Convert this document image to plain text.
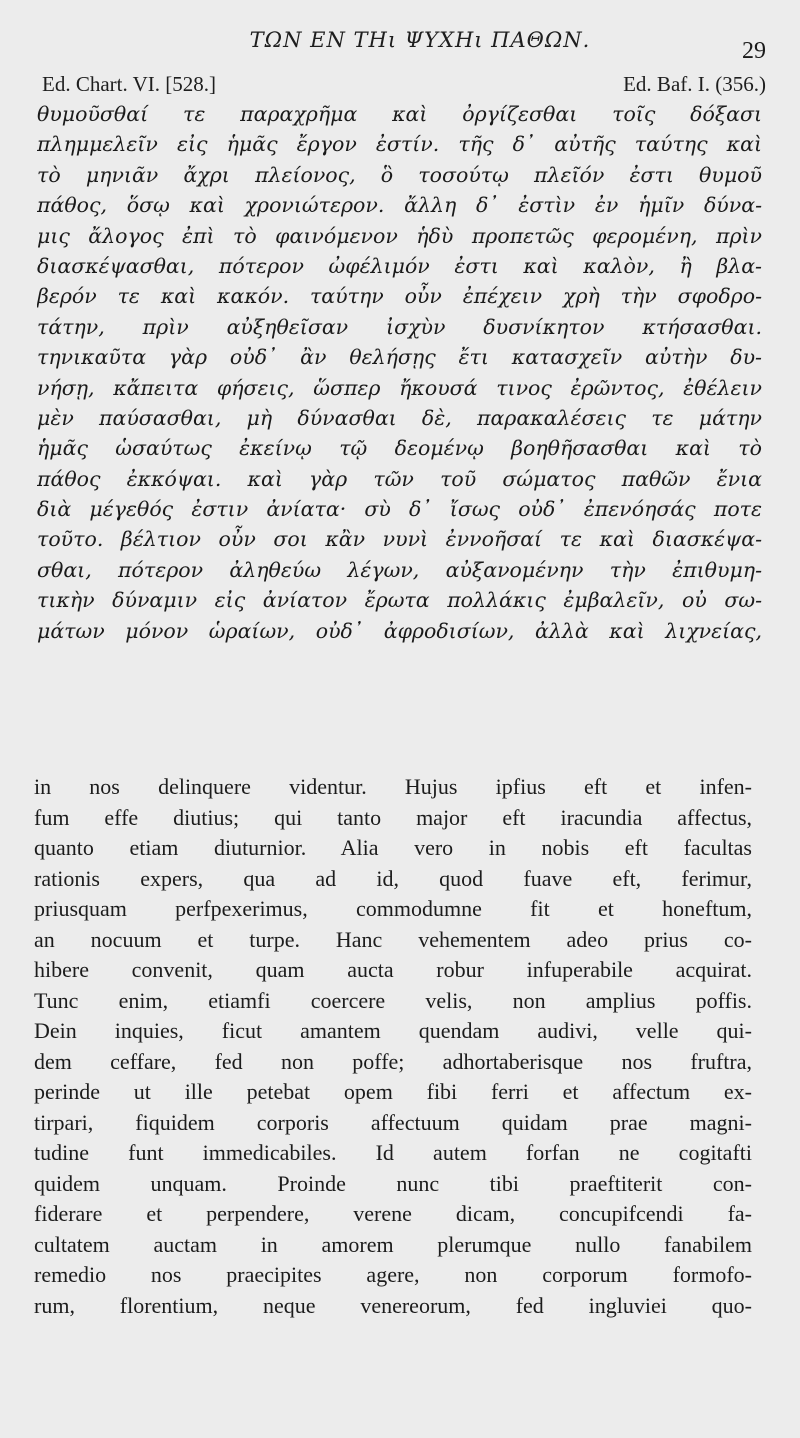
ΤΩΝ ΕΝ ΤΗι ΨΥΧΗι ΠΑΘΩΝ.	29
Ed. Chart. VI. [528.]	Ed. Baf. I. (356.)
θυμοῦσθαί τε παραχρῆμα καὶ ὀργίζεσθαι τοῖς δόξασι
πλημμελεῖν εἰς ἡμᾶς ἔργον ἐστίν. τῆς δ᾽ αὐτῆς ταύτης καὶ
τὸ μηνιᾶν ἄχρι πλείονος, ὃ τοσούτῳ πλεῖόν ἐστι θυμοῦ
πάθος, ὅσῳ καὶ χρονιώτερον. ἄλλη δ᾽ ἐστὶν ἐν ἡμῖν δύνα-
μις ἄλογος ἐπὶ τὸ φαινόμενον ἡδὺ προπετῶς φερομένη, πρὶν
διασκέψασθαι, πότερον ὠφέλιμόν ἐστι καὶ καλὸν, ἢ βλα-
βερόν τε καὶ κακόν. ταύτην οὖν ἐπέχειν χρὴ τὴν σφοδρο-
τάτην, πρὶν αὐξηθεῖσαν ἰσχὺν δυσνίκητον κτήσασθαι.
τηνικαῦτα γὰρ οὐδ᾽ ἂν θελήσῃς ἔτι κατασχεῖν αὐτὴν δυ-
νήσῃ, κἄπειτα φήσεις, ὥσπερ ἤκουσά τινος ἐρῶντος, ἐθέλειν
μὲν παύσασθαι, μὴ δύνασθαι δὲ, παρακαλέσεις τε μάτην
ἡμᾶς ὡσαύτως ἐκείνῳ τῷ δεομένῳ βοηθῆσασθαι καὶ τὸ
πάθος ἐκκόψαι. καὶ γὰρ τῶν τοῦ σώματος παθῶν ἔνια
διὰ μέγεθός ἐστιν ἀνίατα· σὺ δ᾽ ἴσως οὐδ᾽ ἐπενόησάς ποτε
τοῦτο. βέλτιον οὖν σοι κἂν νυνὶ ἐννοῆσαί τε καὶ διασκέψα-
σθαι, πότερον ἀληθεύω λέγων, αὐξανομένην τὴν ἐπιθυμη-
τικὴν δύναμιν εἰς ἀνίατον ἔρωτα πολλάκις ἐμβαλεῖν, οὐ σω-
μάτων μόνον ὡραίων, οὐδ᾽ ἀφροδισίων, ἀλλὰ καὶ λιχνείας,
in nos delinquere videntur. Hujus ipfius eft et infen-
fum effe diutius; qui tanto major eft iracundia affectus,
quanto etiam diuturnior. Alia vero in nobis eft facultas
rationis expers, qua ad id, quod fuave eft, ferimur,
priusquam perfpexerimus, commodumne fit et honeftum,
an nocuum et turpe. Hanc vehementem adeo prius co-
hibere convenit, quam aucta robur infuperabile acquirat.
Tunc enim, etiamfi coercere velis, non amplius poffis.
Dein inquies, ficut amantem quendam audivi, velle qui-
dem ceffare, fed non poffe; adhortaberisque nos fruftra,
perinde ut ille petebat opem fibi ferri et affectum ex-
tirpari, fiquidem corporis affectuum quidam prae magni-
tudine funt immedicabiles. Id autem forfan ne cogitafti
quidem unquam. Proinde nunc tibi praeftiterit con-
fiderare et perpendere, verene dicam, concupifcendi fa-
cultatem auctam in amorem plerumque nullo fanabilem
remedio nos praecipites agere, non corporum formofo-
rum, florentium, neque venereorum, fed ingluviei quo-
